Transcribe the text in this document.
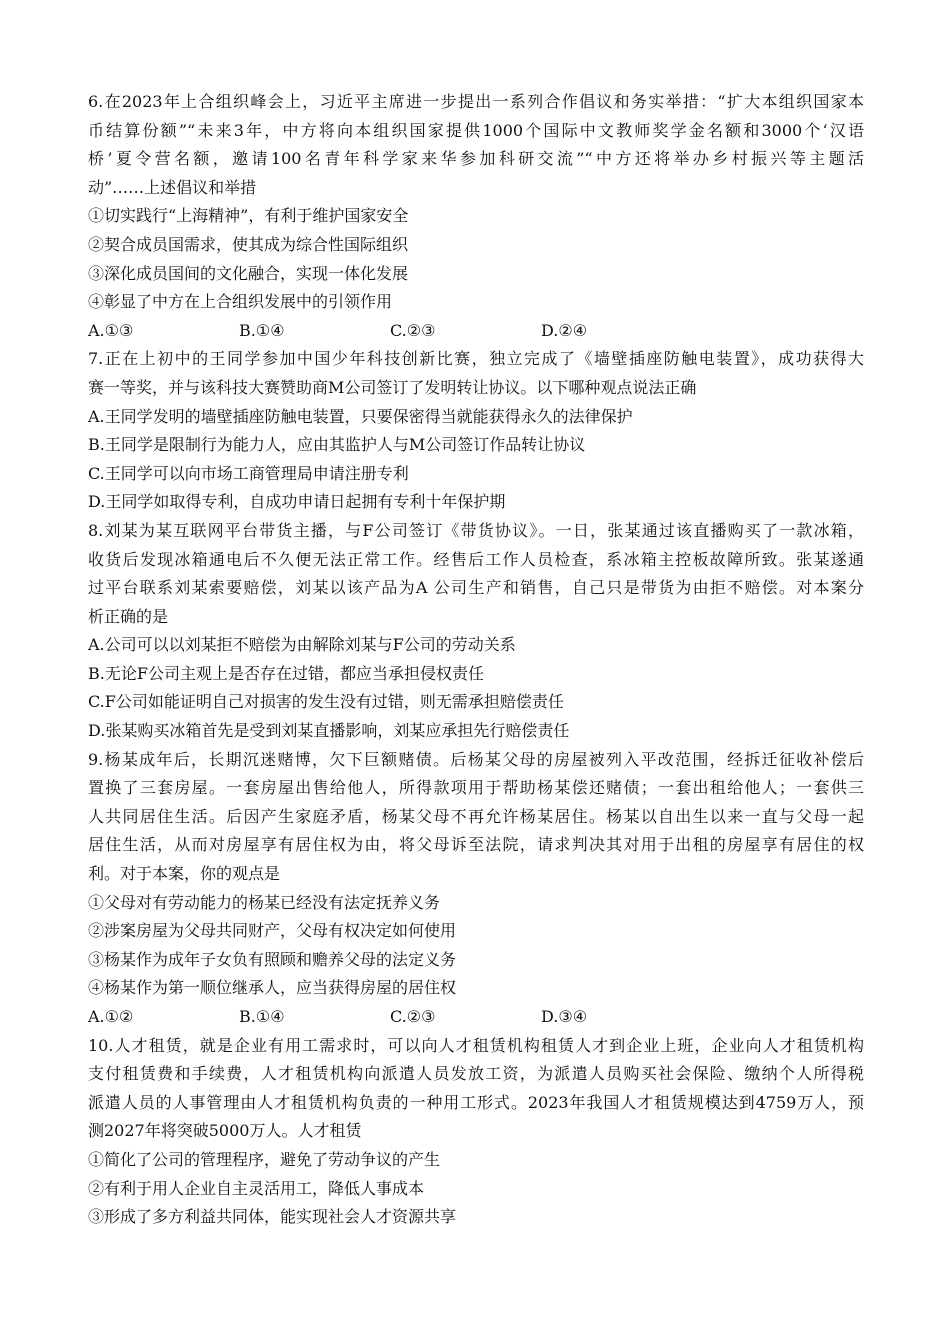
6.在2023年上合组织峰会上，习近平主席进一步提出一系列合作倡议和务实举措：“扩大本组织国家本
币结算份额”“未来3年，中方将向本组织国家提供1000个国际中文教师奖学金名额和3000个‘汉语
桥’夏令营名额，邀请100名青年科学家来华参加科研交流”“中方还将举办乡村振兴等主题活
动”……上述倡议和举措
①切实践行“上海精神”，有利于维护国家安全
②契合成员国需求，使其成为综合性国际组织
③深化成员国间的文化融合，实现一体化发展
④彰显了中方在上合组织发展中的引领作用
A.①③	B.①④	C.②③	D.②④
7.正在上初中的王同学参加中国少年科技创新比赛，独立完成了《墙壁插座防触电装置》，成功获得大
赛一等奖，并与该科技大赛赞助商M公司签订了发明转让协议。以下哪种观点说法正确
A.王同学发明的墙壁插座防触电装置，只要保密得当就能获得永久的法律保护
B.王同学是限制行为能力人，应由其监护人与M公司签订作品转让协议
C.王同学可以向市场工商管理局申请注册专利
D.王同学如取得专利，自成功申请日起拥有专利十年保护期
8.刘某为某互联网平台带货主播，与F公司签订《带货协议》。一日，张某通过该直播购买了一款冰箱，
收货后发现冰箱通电后不久便无法正常工作。经售后工作人员检查，系冰箱主控板故障所致。张某遂通
过平台联系刘某索要赔偿，刘某以该产品为A 公司生产和销售，自己只是带货为由拒不赔偿。对本案分
析正确的是
A.公司可以以刘某拒不赔偿为由解除刘某与F公司的劳动关系
B.无论F公司主观上是否存在过错，都应当承担侵权责任
C.F公司如能证明自己对损害的发生没有过错，则无需承担赔偿责任
D.张某购买冰箱首先是受到刘某直播影响，刘某应承担先行赔偿责任
9.杨某成年后，长期沉迷赌博，欠下巨额赌债。后杨某父母的房屋被列入平改范围，经拆迁征收补偿后
置换了三套房屋。一套房屋出售给他人，所得款项用于帮助杨某偿还赌债；一套出租给他人；一套供三
人共同居住生活。后因产生家庭矛盾，杨某父母不再允许杨某居住。杨某以自出生以来一直与父母一起
居住生活，从而对房屋享有居住权为由，将父母诉至法院，请求判决其对用于出租的房屋享有居住的权
利。对于本案，你的观点是
①父母对有劳动能力的杨某已经没有法定抚养义务
②涉案房屋为父母共同财产，父母有权决定如何使用
③杨某作为成年子女负有照顾和赡养父母的法定义务
④杨某作为第一顺位继承人，应当获得房屋的居住权
A.①②	B.①④	C.②③	D.③④
10.人才租赁，就是企业有用工需求时，可以向人才租赁机构租赁人才到企业上班，企业向人才租赁机构
支付租赁费和手续费，人才租赁机构向派遣人员发放工资，为派遣人员购买社会保险、缴纳个人所得税
派遣人员的人事管理由人才租赁机构负责的一种用工形式。2023年我国人才租赁规模达到4759万人，预
测2027年将突破5000万人。人才租赁
①简化了公司的管理程序，避免了劳动争议的产生
②有利于用人企业自主灵活用工，降低人事成本
③形成了多方利益共同体，能实现社会人才资源共享
